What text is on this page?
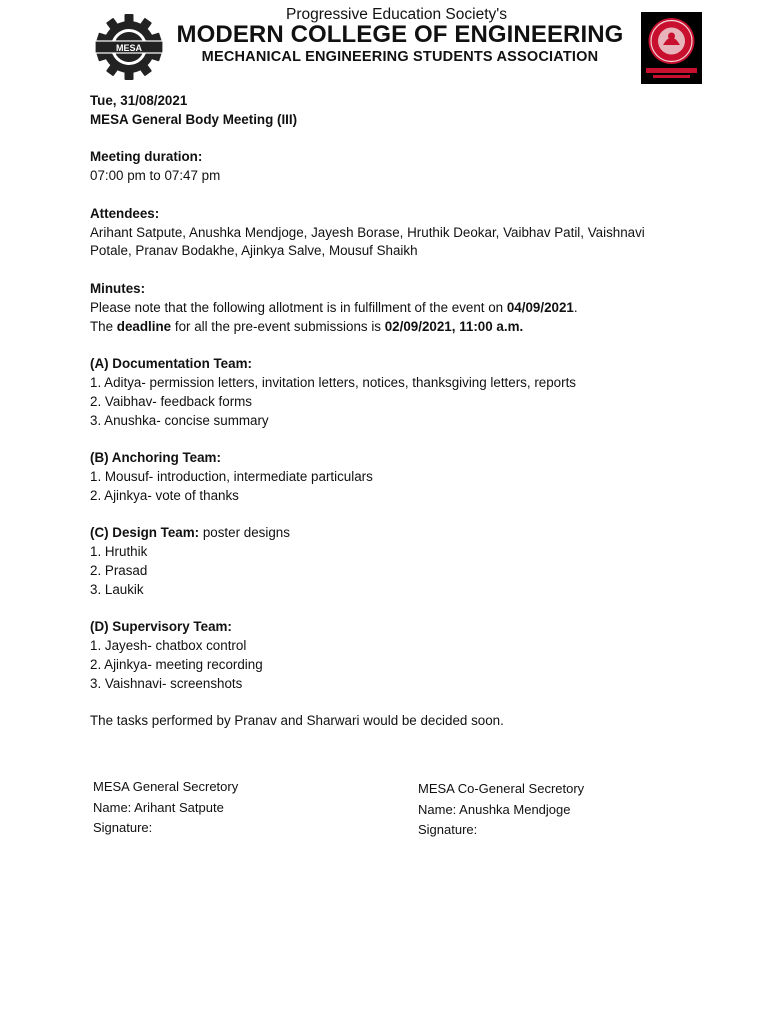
MESA
Progressive Education Society's
MODERN COLLEGE OF ENGINEERING
MECHANICAL ENGINEERING STUDENTS ASSOCIATION

Tue, 31/08/2021

MESA General Body Meeting (III)

Meeting duration:

07:00 pm to 07:47 pm

Attendees:

Arihant Satpute, Anushka Mendjoge, Jayesh Borase, Hruthik Deokar, Vaibhav Patil, Vaishnavi

Potale, Pranav Bodakhe, Ajinkya Salve, Mousuf Shaikh

Minutes:

Please note that the following allotment is in fulfillment of the event on 04/09/2021.

The deadline for all the pre-event submissions is 02/09/2021, 11:00 a.m.

(A) Documentation Team:

1. Aditya- permission letters, invitation letters, notices, thanksgiving letters, reports

2. Vaibhav- feedback forms

3. Anushka- concise summary

(B) Anchoring Team:

1. Mousuf- introduction, intermediate particulars

2. Ajinkya- vote of thanks

(C) Design Team: poster designs

1. Hruthik

2. Prasad

3. Laukik

(D) Supervisory Team:

1. Jayesh- chatbox control

2. Ajinkya- meeting recording

3. Vaishnavi- screenshots

The tasks performed by Pranav and Sharwari would be decided soon.

MESA General Secretory
Name: Arihant Satpute
Signature:
MESA Co-General Secretory
Name: Anushka Mendjoge
Signature:
